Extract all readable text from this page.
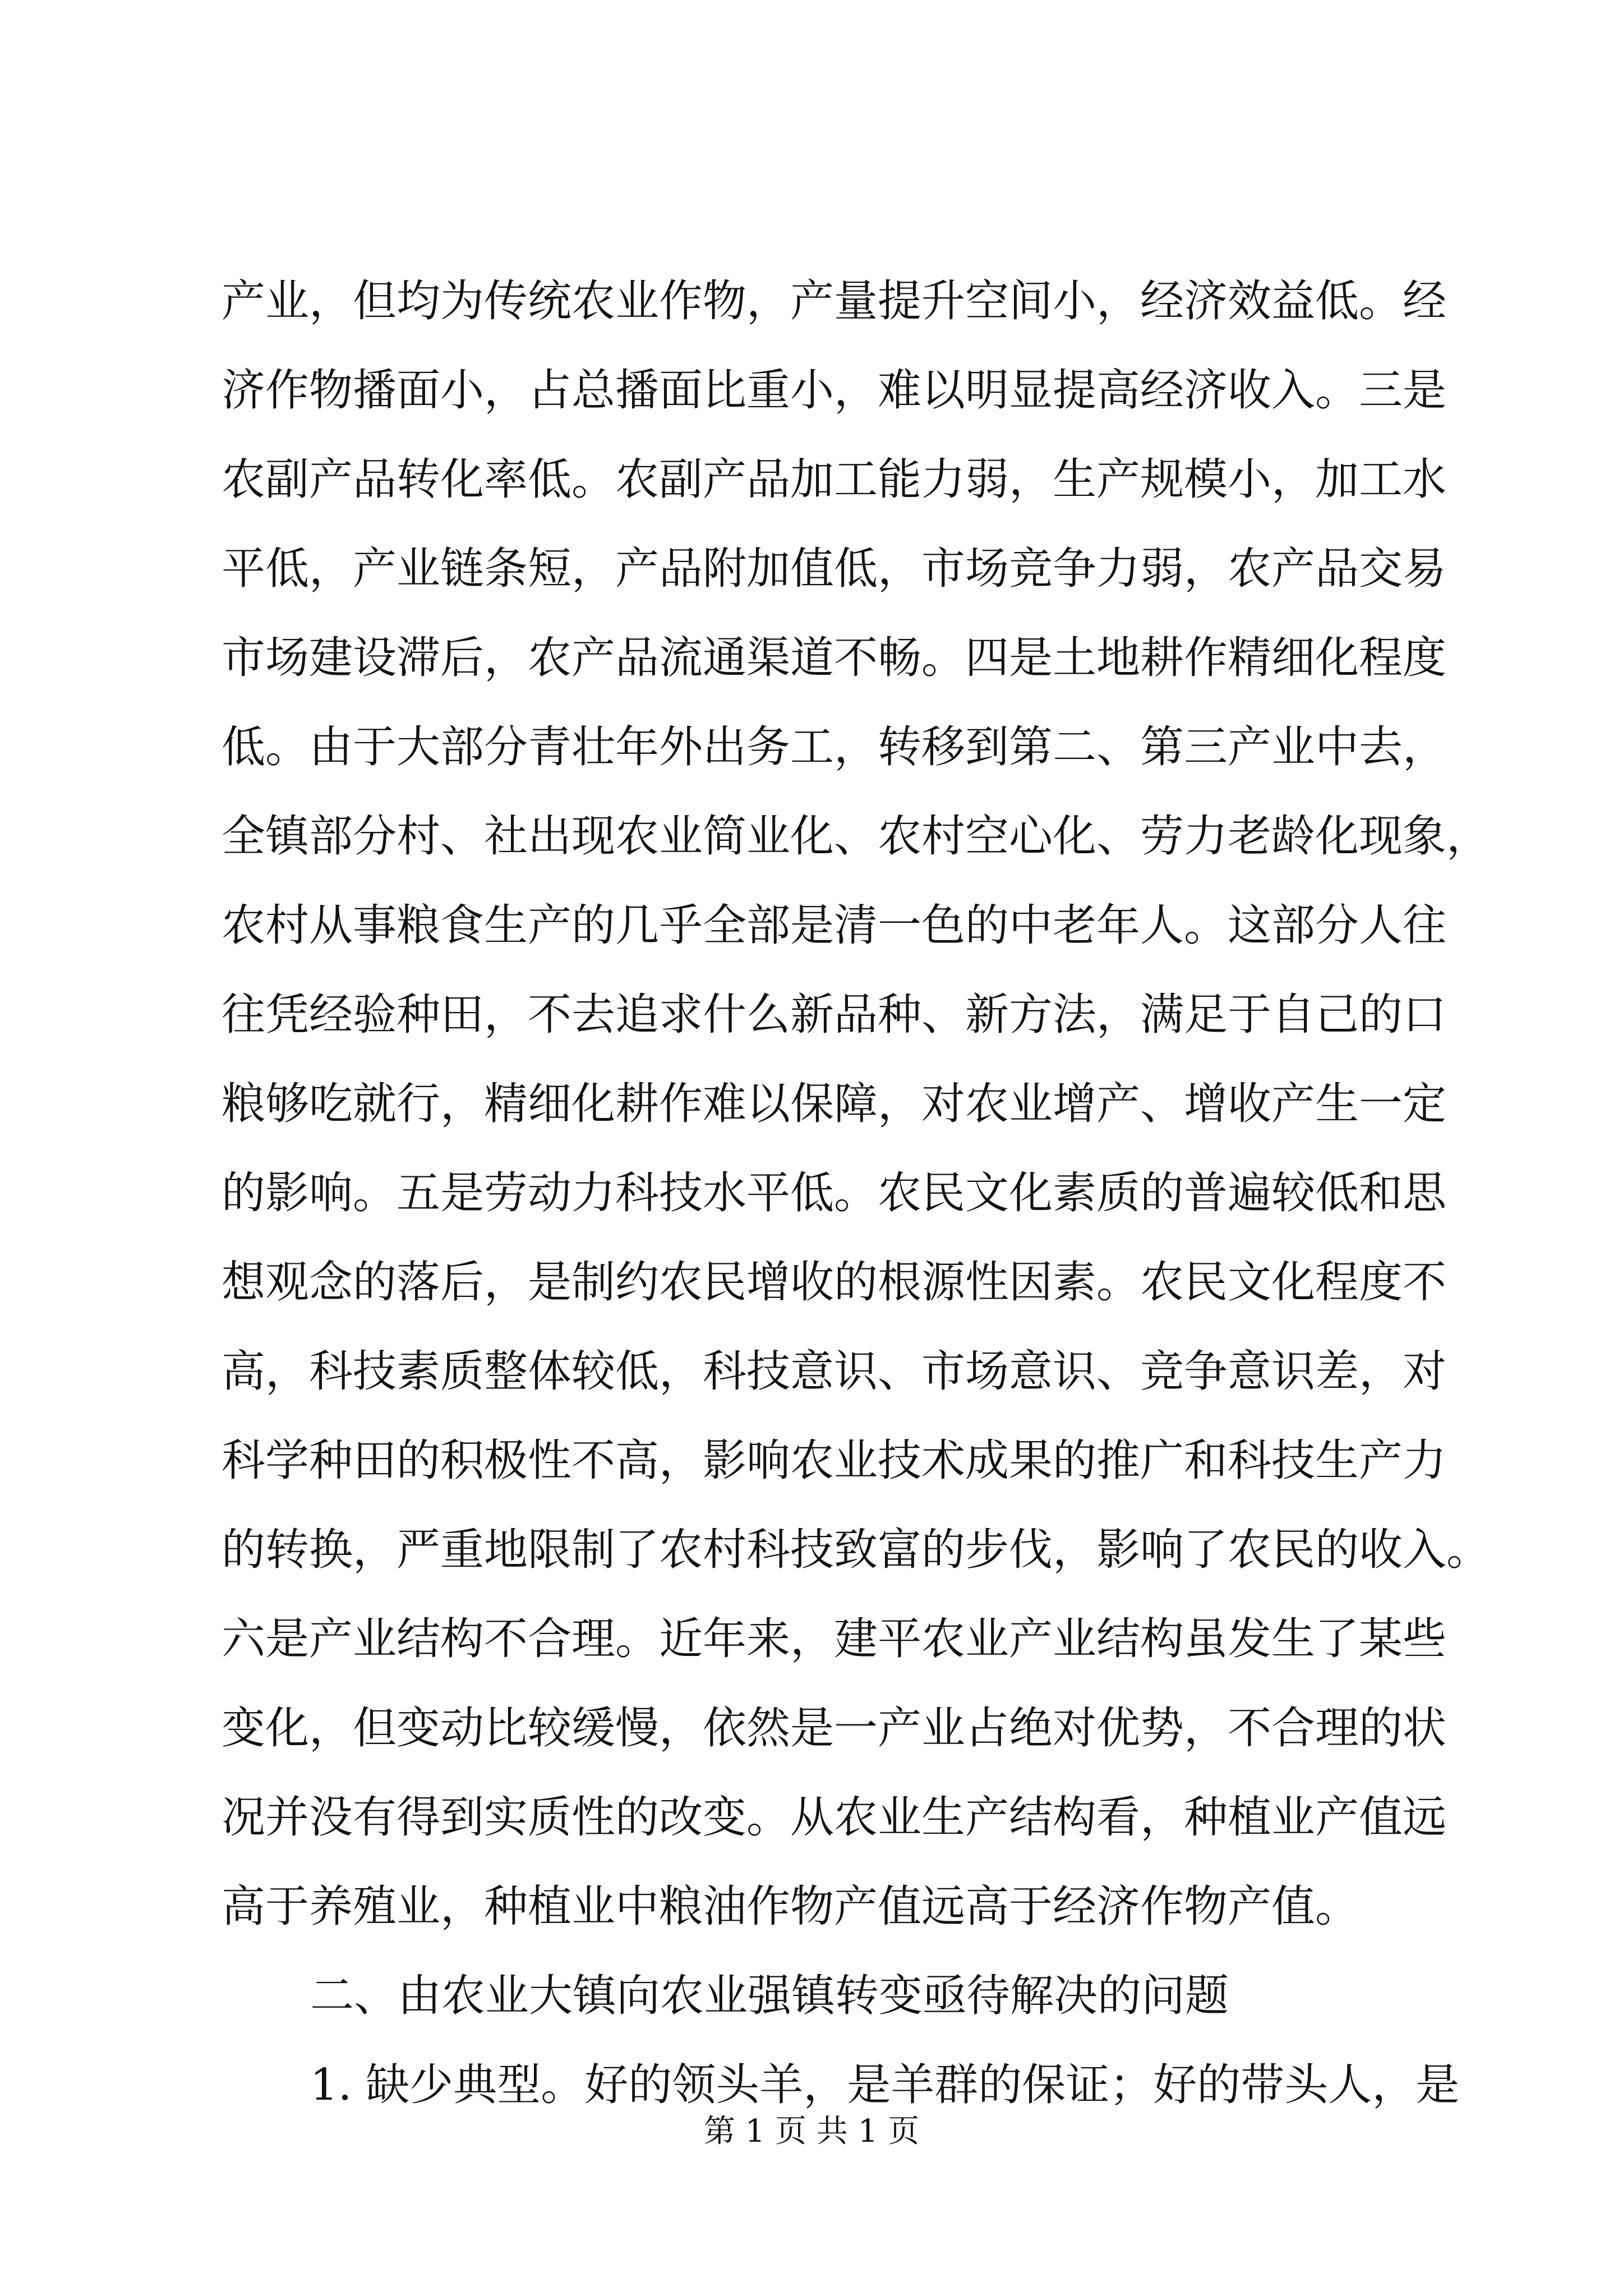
产业，但均为传统农业作物，产量提升空间小，经济效益低。经
济作物播面小，占总播面比重小，难以明显提高经济收入。三是
农副产品转化率低。农副产品加工能力弱，生产规模小，加工水
平低，产业链条短，产品附加值低，市场竞争力弱，农产品交易
市场建设滞后，农产品流通渠道不畅。四是土地耕作精细化程度
低。由于大部分青壮年外出务工，转移到第二、第三产业中去，
全镇部分村、社出现农业简业化、农村空心化、劳力老龄化现象，
农村从事粮食生产的几乎全部是清一色的中老年人。这部分人往
往凭经验种田，不去追求什么新品种、新方法，满足于自己的口
粮够吃就行，精细化耕作难以保障，对农业增产、增收产生一定
的影响。五是劳动力科技水平低。农民文化素质的普遍较低和思
想观念的落后，是制约农民增收的根源性因素。农民文化程度不
高，科技素质整体较低，科技意识、市场意识、竞争意识差，对
科学种田的积极性不高，影响农业技术成果的推广和科技生产力
的转换，严重地限制了农村科技致富的步伐，影响了农民的收入。
六是产业结构不合理。近年来，建平农业产业结构虽发生了某些
变化，但变动比较缓慢，依然是一产业占绝对优势，不合理的状
况并没有得到实质性的改变。从农业生产结构看，种植业产值远
高于养殖业，种植业中粮油作物产值远高于经济作物产值。
二、由农业大镇向农业强镇转变亟待解决的问题
1. 缺少典型。好的领头羊，是羊群的保证；好的带头人，是
第 1 页 共 1 页
